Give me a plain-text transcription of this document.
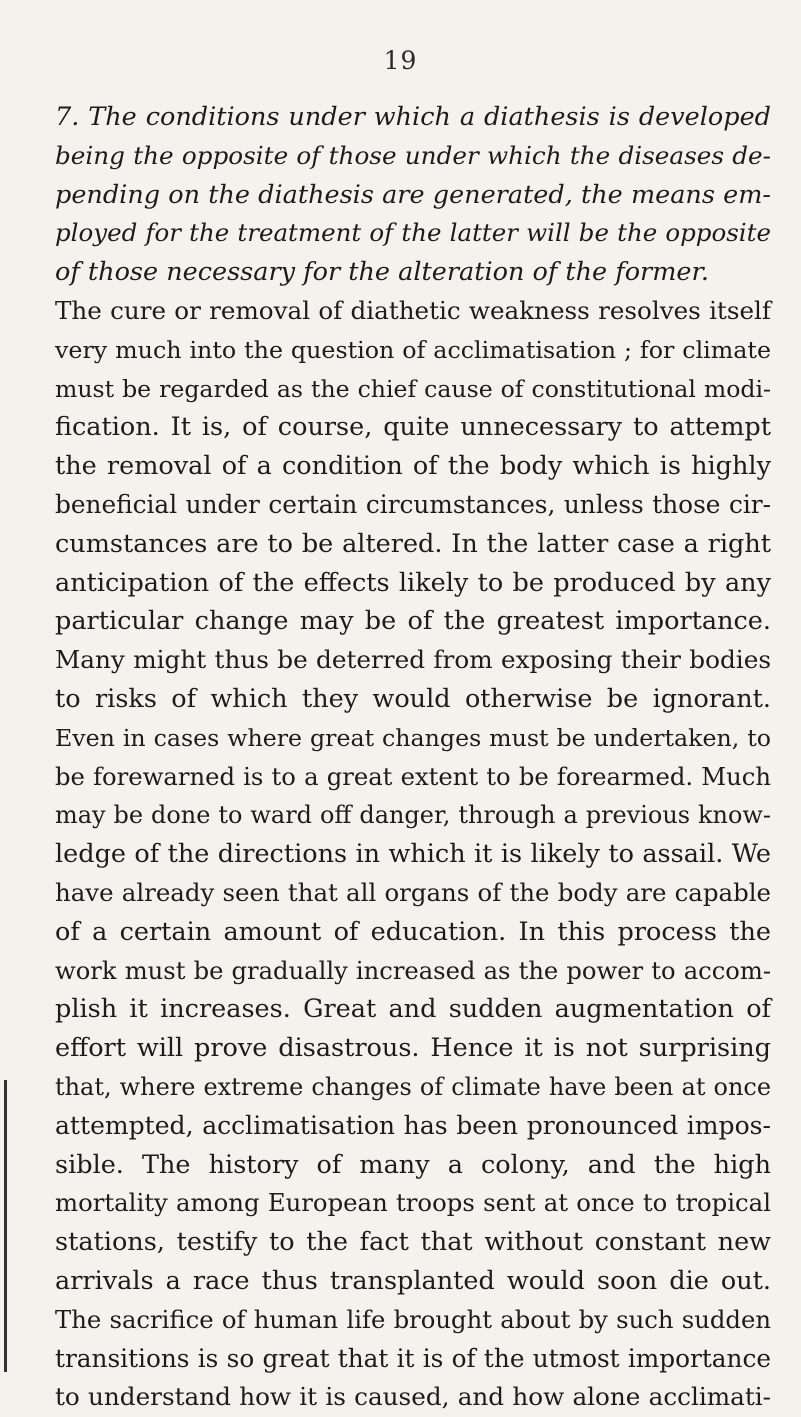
19
7. The conditions under which a diathesis is developed
being the opposite of those under which the diseases de-
pending on the diathesis are generated, the means em-
ployed for the treatment of the latter will be the opposite
of those necessary for the alteration of the former.
The cure or removal of diathetic weakness resolves itself
very much into the question of acclimatisation ; for climate
must be regarded as the chief cause of constitutional modi-
fication. It is, of course, quite unnecessary to attempt
the removal of a condition of the body which is highly
beneficial under certain circumstances, unless those cir-
cumstances are to be altered. In the latter case a right
anticipation of the effects likely to be produced by any
particular change may be of the greatest importance.
Many might thus be deterred from exposing their bodies
to risks of which they would otherwise be ignorant.
Even in cases where great changes must be undertaken, to
be forewarned is to a great extent to be forearmed. Much
may be done to ward off danger, through a previous know-
ledge of the directions in which it is likely to assail. We
have already seen that all organs of the body are capable
of a certain amount of education. In this process the
work must be gradually increased as the power to accom-
plish it increases. Great and sudden augmentation of
effort will prove disastrous. Hence it is not surprising
that, where extreme changes of climate have been at once
attempted, acclimatisation has been pronounced impos-
sible. The history of many a colony, and the high
mortality among European troops sent at once to tropical
stations, testify to the fact that without constant new
arrivals a race thus transplanted would soon die out.
The sacrifice of human life brought about by such sudden
transitions is so great that it is of the utmost importance
to understand how it is caused, and how alone acclimati-
